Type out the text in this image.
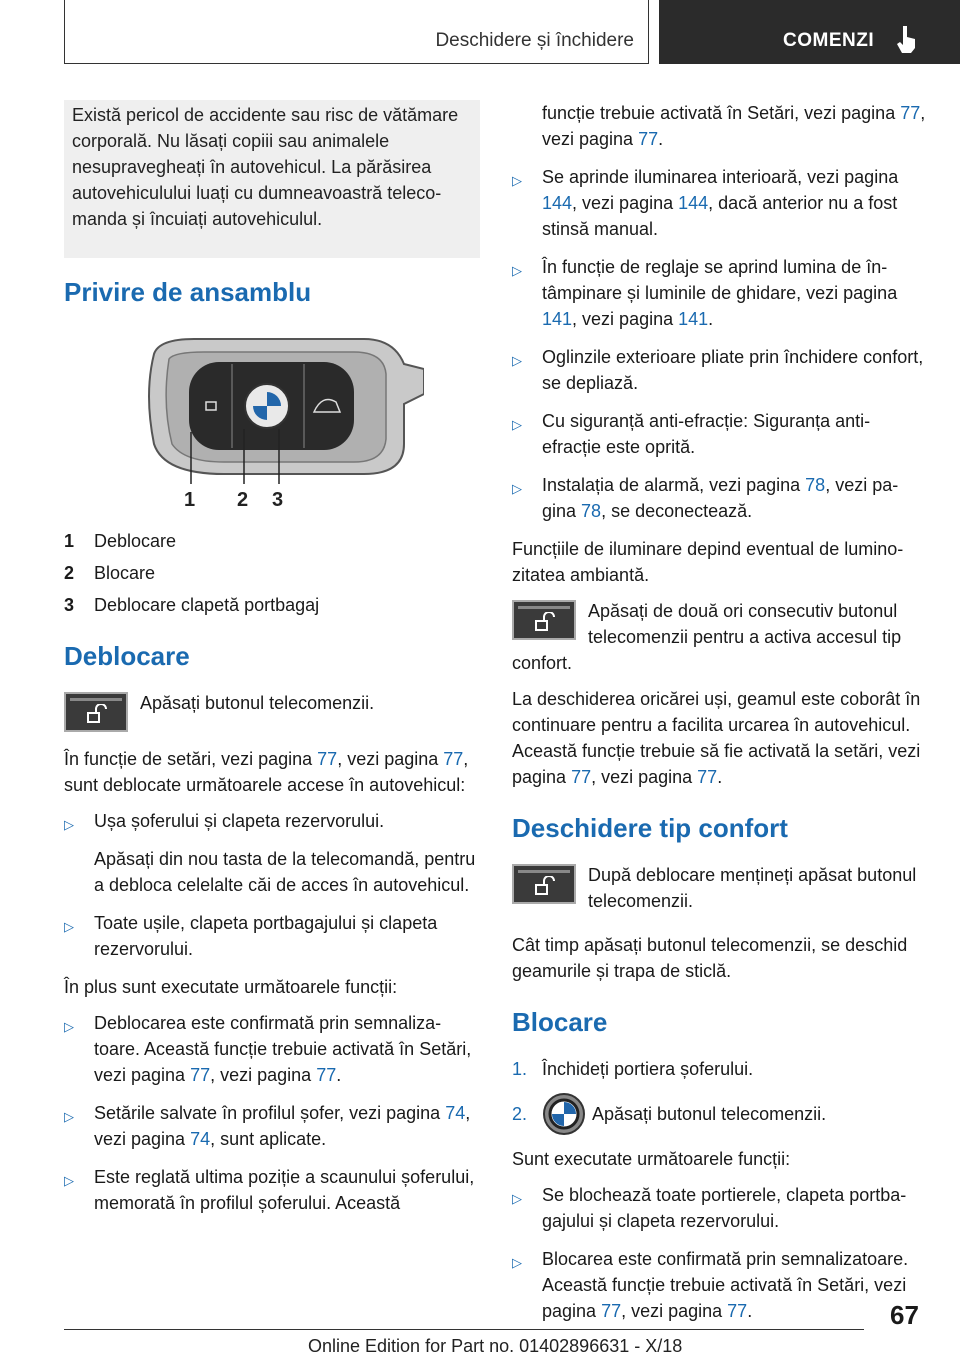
Deschidere și închidere	COMENZI
Există pericol de accidente sau risc de vătămare corporală. Nu lăsați copiii sau animalele nesupravegheați în autovehicul. La părăsirea autovehiculului luați cu dumneavoastră telecomanda și încuiați autovehiculul.
Privire de ansamblu
1 2 3
1	Deblocare
2	Blocare
3	Deblocare clapetă portbagaj
Deblocare

Apăsați butonul telecomenzii.

În funcție de setări, vezi pagina 77, vezi pagina 77, sunt deblocate următoarele accese în autovehicul:

▷ Ușa șoferului și clapeta rezervorului.
Apăsați din nou tasta de la telecomandă, pentru a debloca celelalte căi de acces în autovehicul.
▷ Toate ușile, clapeta portbagajului și clapeta rezervorului.

În plus sunt executate următoarele funcții:

▷ Deblocarea este confirmată prin semnalizatoare. Această funcție trebuie activată în Setări, vezi pagina 77, vezi pagina 77.
▷ Setările salvate în profilul șofer, vezi pagina 74, vezi pagina 74, sunt aplicate.
▷ Este reglată ultima poziție a scaunului șoferului, memorată în profilul șoferului. Această
funcție trebuie activată în Setări, vezi pagina 77, vezi pagina 77.
▷ Se aprinde iluminarea interioară, vezi pagina 144, vezi pagina 144, dacă anterior nu a fost stinsă manual.
▷ În funcție de reglaje se aprind lumina de întâmpinare și luminile de ghidare, vezi pagina 141, vezi pagina 141.
▷ Oglinzile exterioare pliate prin închidere confort, se depliază.
▷ Cu siguranță anti-efracție: Siguranța anti-efracție este oprită.
▷ Instalația de alarmă, vezi pagina 78, vezi pagina 78, se deconectează.

Funcțiile de iluminare depind eventual de luminozitatea ambiantă.

Apăsați de două ori consecutiv butonul telecomenzii pentru a activa accesul tip confort.

La deschiderea oricărei uși, geamul este coborât în continuare pentru a facilita urcarea în autovehicul. Această funcție trebuie să fie activată la setări, vezi pagina 77, vezi pagina 77.

Deschidere tip confort

După deblocare mențineți apăsat butonul telecomenzii.

Cât timp apăsați butonul telecomenzii, se deschid geamurile și trapa de sticlă.

Blocare
1. Închideți portiera șoferului.
2.	Apăsați butonul telecomenzii.

Sunt executate următoarele funcții:

▷ Se blochează toate portierele, clapeta portbagajului și clapeta rezervorului.
▷ Blocarea este confirmată prin semnalizatoare. Această funcție trebuie activată în Setări, vezi pagina 77, vezi pagina 77.	67
Online Edition for Part no. 01402896631 - X/18
